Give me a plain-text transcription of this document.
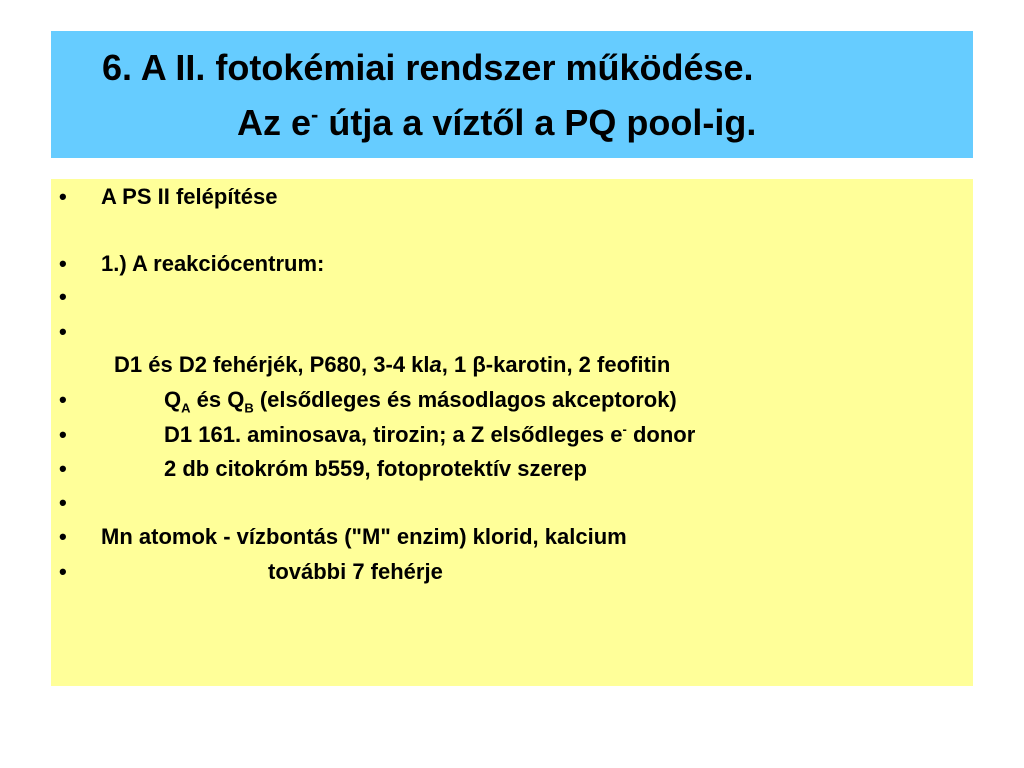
6. A II. fotokémiai rendszer működése.
Az e- útja a víztől a PQ pool-ig.
• A PS II felépítése
• 1.) A reakciócentrum:
•
•
D1 és D2 fehérjék, P680, 3-4 kla, 1 β-karotin, 2 feofitin
•	$Q_A$ és $Q_B$ (elsődleges és másodlagos akceptorok)
•	D1 161. aminosava, tirozin; a Z elsődleges e- donor
•	2 db citokróm b559, fotoprotektív szerep
•
• Mn atomok - vízbontás ("M" enzim) klorid, kalcium
•	további 7 fehérje
